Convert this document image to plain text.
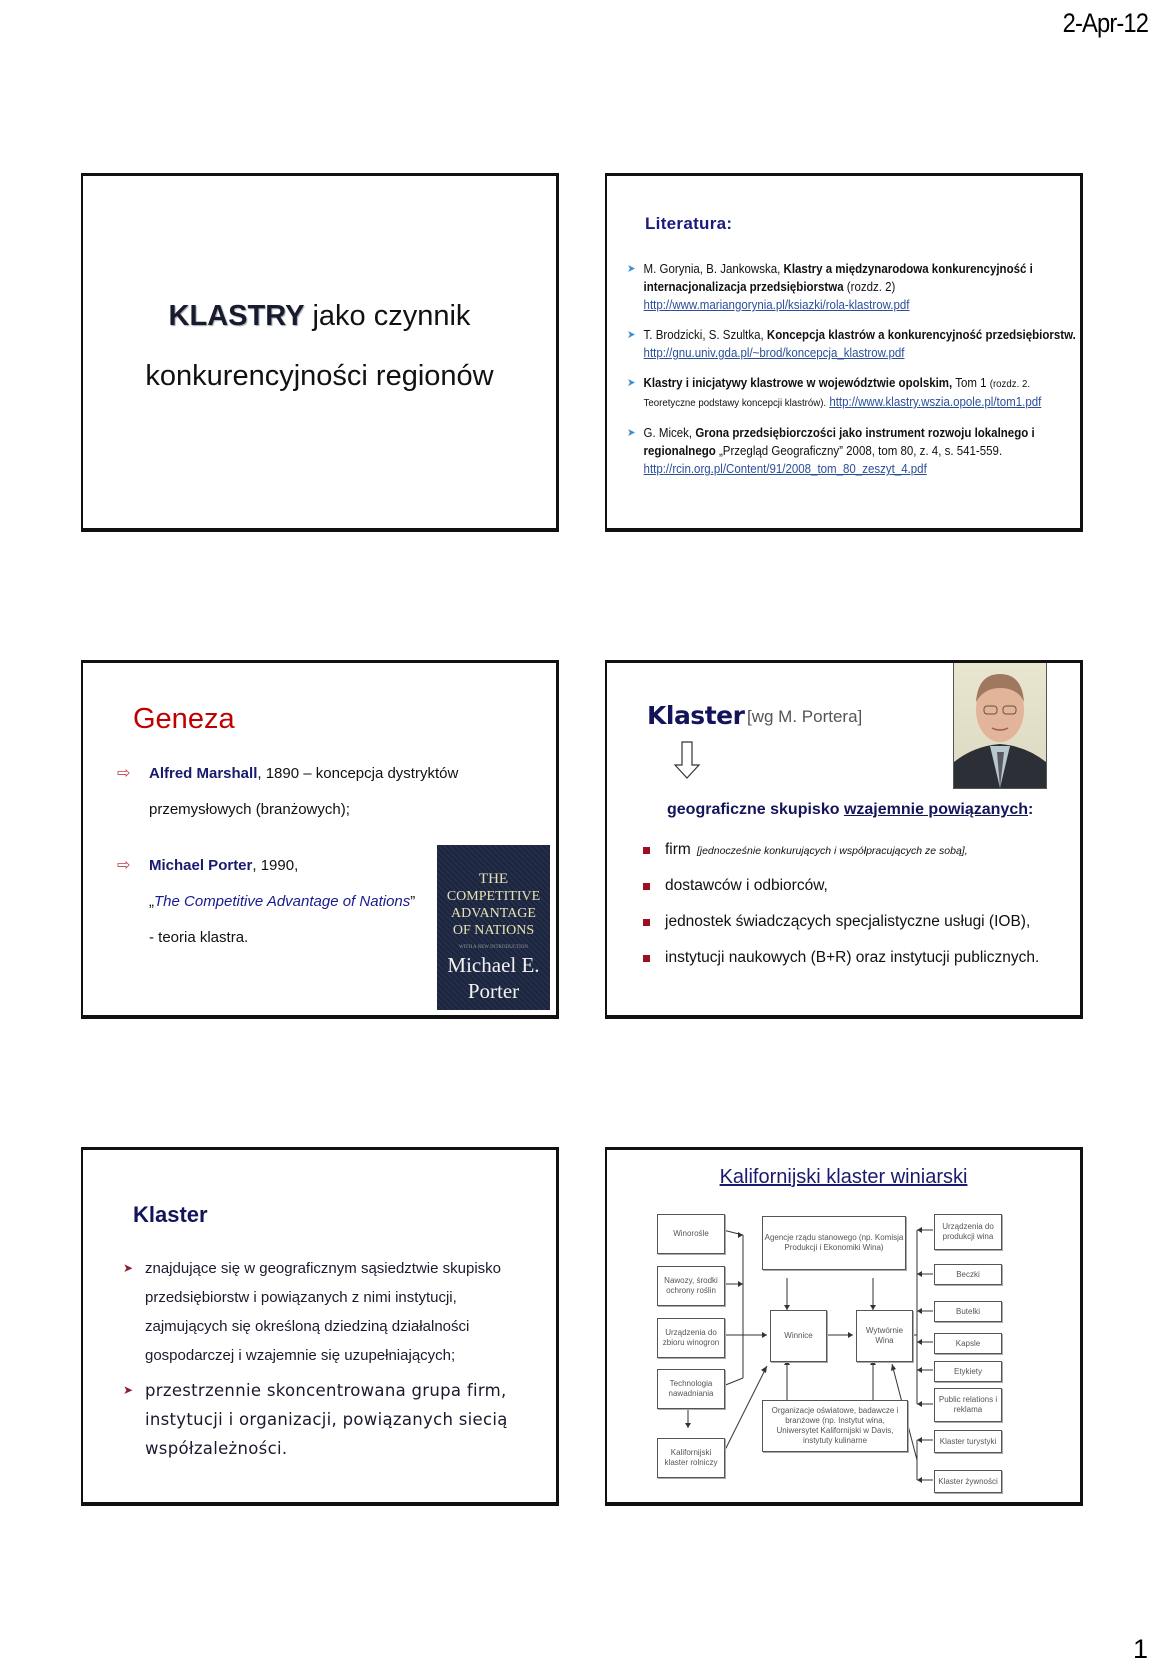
2-Apr-12
KLASTRY jako czynnik
konkurencyjności regionów
Literatura:
➤ M. Gorynia, B. Jankowska, Klastry a międzynarodowa konkurencyjność i internacjonalizacja przedsiębiorstwa (rozdz. 2)
http://www.mariangorynia.pl/ksiazki/rola-klastrow.pdf
➤ T. Brodzicki, S. Szultka, Koncepcja klastrów a konkurencyjność przedsiębiorstw. http://gnu.univ.gda.pl/~brod/koncepcja_klastrow.pdf
➤ Klastry i inicjatywy klastrowe w województwie opolskim, Tom 1 (rozdz. 2. Teoretyczne podstawy koncepcji klastrów). http://www.klastry.wszia.opole.pl/tom1.pdf
➤ G. Micek, Grona przedsiębiorczości jako instrument rozwoju lokalnego i regionalnego „Przegląd Geograficzny” 2008, tom 80, z. 4, s. 541-559.
http://rcin.org.pl/Content/91/2008_tom_80_zeszyt_4.pdf
Geneza
⇨ Alfred Marshall, 1890 – koncepcja dystryktów
przemysłowych (branżowych);
⇨ Michael Porter, 1990,
„The Competitive Advantage of Nations”
- teoria klastra.
THE
COMPETITIVE
ADVANTAGE
OF NATIONS
WITH A NEW INTRODUCTION
Michael E.
Porter
Klaster [wg M. Portera]
geograficzne skupisko wzajemnie powiązanych:
firm [jednocześnie konkurujących i współpracujących ze sobą],
dostawców i odbiorców,
jednostek świadczących specjalistyczne usługi (IOB),
instytucji naukowych (B+R) oraz instytucji publicznych.
Klaster
➤ znajdujące się w geograficznym sąsiedztwie skupisko
przedsiębiorstw i powiązanych z nimi instytucji,
zajmujących się określoną dziedziną działalności
gospodarczej i wzajemnie się uzupełniających;
➤ przestrzennie skoncentrowana grupa firm,
instytucji i organizacji, powiązanych siecią
współzależności.
Kalifornijski klaster winiarski
Winorośle
Nawozy, środki ochrony roślin
Urządzenia do zbioru winogron
Technologia nawadniania
Kalifornijski klaster rolniczy
Agencje rządu stanowego (np. Komisja Produkcji i Ekonomiki Wina)
Winnice
Wytwórnie Wina
Organizacje oświatowe, badawcze i branżowe (np. Instytut wina, Uniwersytet Kalifornijski w Davis, instytuty kulinarne
Urządzenia do produkcji wina
Beczki
Butelki
Kapsle
Etykiety
Public relations i reklama
Klaster turystyki
Klaster żywności
1
